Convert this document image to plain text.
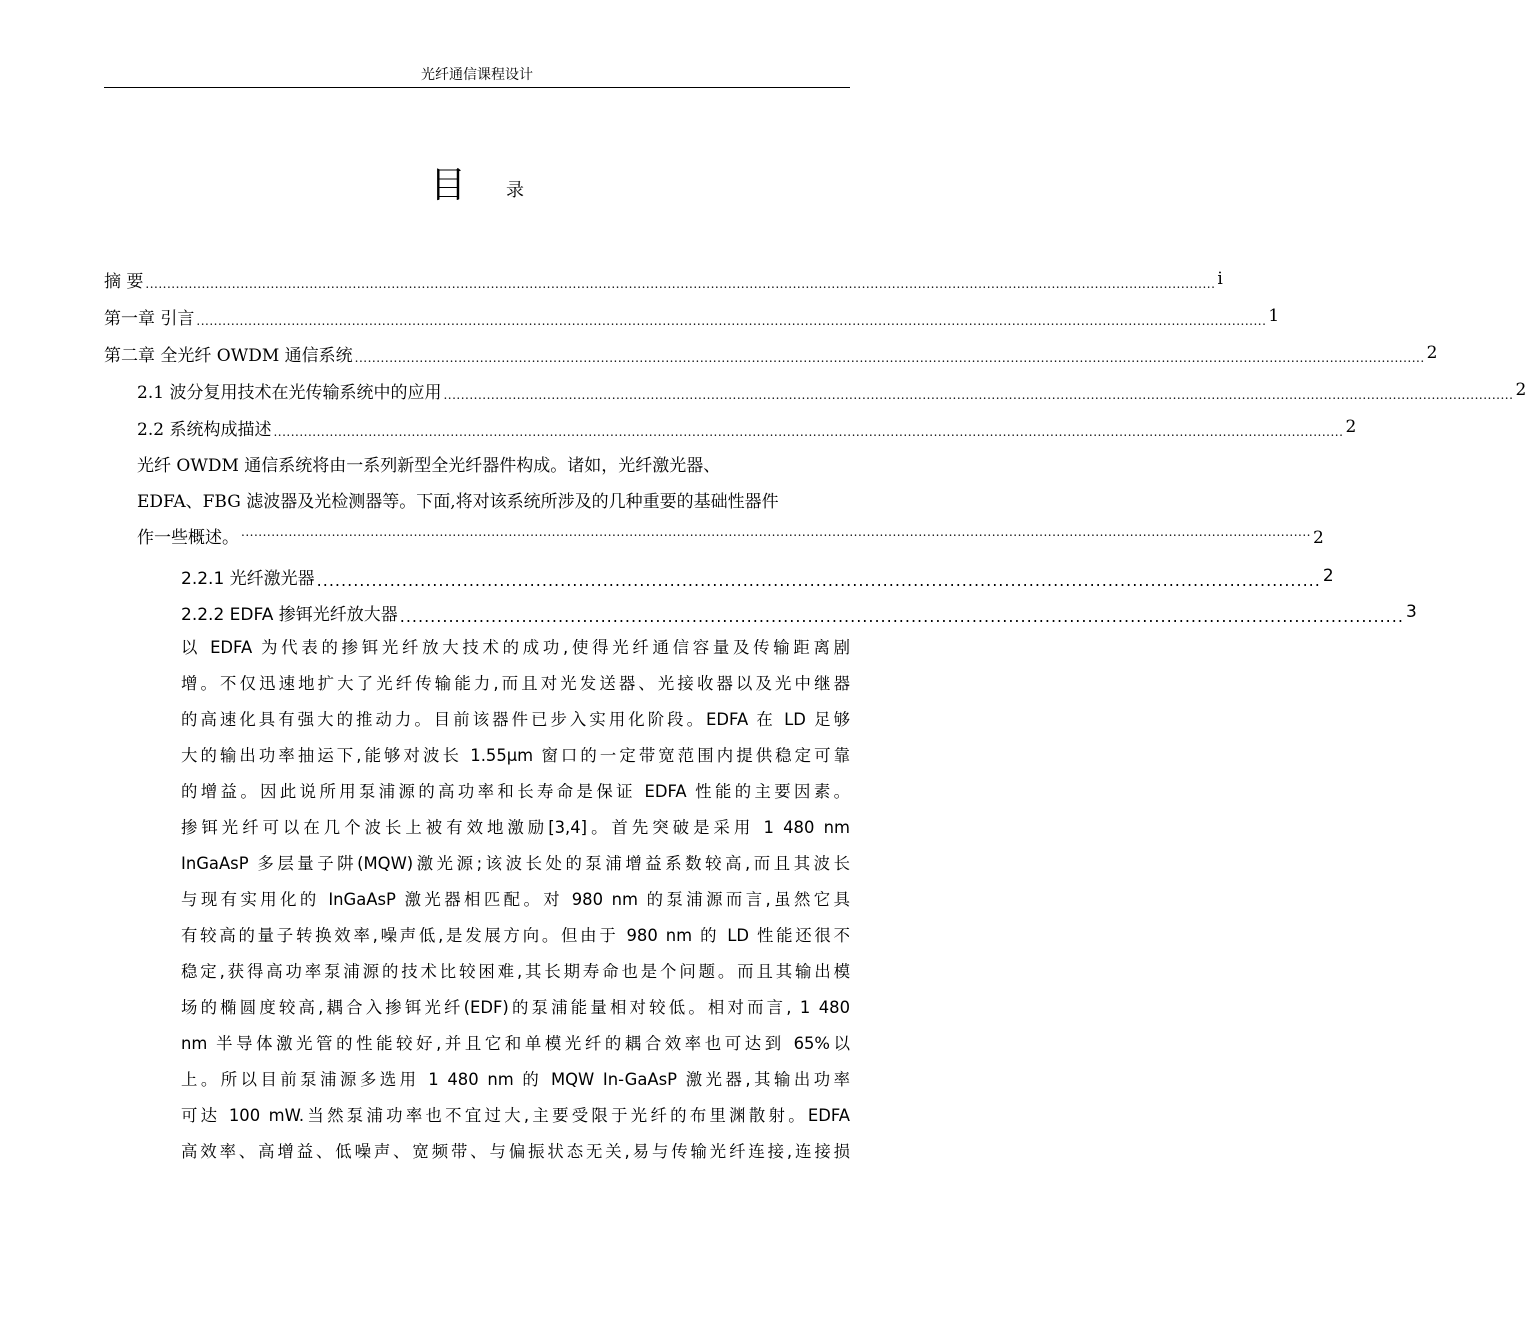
光纤通信课程设计
目 录
摘 要 ........................................................................................................................................................................................................................................................ i
第一章 引言 ........................................................................................................................................................................................................................................................ 1
第二章 全光纤 OWDM 通信系统 ........................................................................................................................................................................................................................................................ 2
2.1 波分复用技术在光传输系统中的应用 ........................................................................................................................................................................................................................................................ 2
2.2 系统构成描述 ........................................................................................................................................................................................................................................................ 2
光纤 OWDM 通信系统将由一系列新型全光纤器件构成。诸如，光纤激光器、
EDFA、FBG 滤波器及光检测器等。下面,将对该系统所涉及的几种重要的基础性器件
作一些概述。 ........................................................................................................................................................................................................................................................ 2
2.2.1 光纤激光器 ..................................................................................................................................................................... 2
2.2.2 EDFA 掺铒光纤放大器 ..................................................................................................................................................................... 3
以 EDFA 为代表的掺铒光纤放大技术的成功,使得光纤通信容量及传输距离剧
增。不仅迅速地扩大了光纤传输能力,而且对光发送器、光接收器以及光中继器
的高速化具有强大的推动力。目前该器件已步入实用化阶段。EDFA 在 LD 足够
大的输出功率抽运下,能够对波长 1.55μm 窗口的一定带宽范围内提供稳定可靠
的增益。因此说所用泵浦源的高功率和长寿命是保证 EDFA 性能的主要因素。
掺铒光纤可以在几个波长上被有效地激励[3,4]。首先突破是采用 1 480 nm
InGaAsP 多层量子阱(MQW)激光源;该波长处的泵浦增益系数较高,而且其波长
与现有实用化的 InGaAsP 激光器相匹配。对 980 nm 的泵浦源而言,虽然它具
有较高的量子转换效率,噪声低,是发展方向。但由于 980 nm 的 LD 性能还很不
稳定,获得高功率泵浦源的技术比较困难,其长期寿命也是个问题。而且其输出模
场的椭圆度较高,耦合入掺铒光纤(EDF)的泵浦能量相对较低。相对而言, 1 480
nm 半导体激光管的性能较好,并且它和单模光纤的耦合效率也可达到 65%以
上。所以目前泵浦源多选用 1 480 nm 的 MQW In-GaAsP 激光器,其输出功率
可达 100 mW.当然泵浦功率也不宜过大,主要受限于光纤的布里渊散射。EDFA
高效率、高增益、低噪声、宽频带、与偏振状态无关,易与传输光纤连接,连接损
